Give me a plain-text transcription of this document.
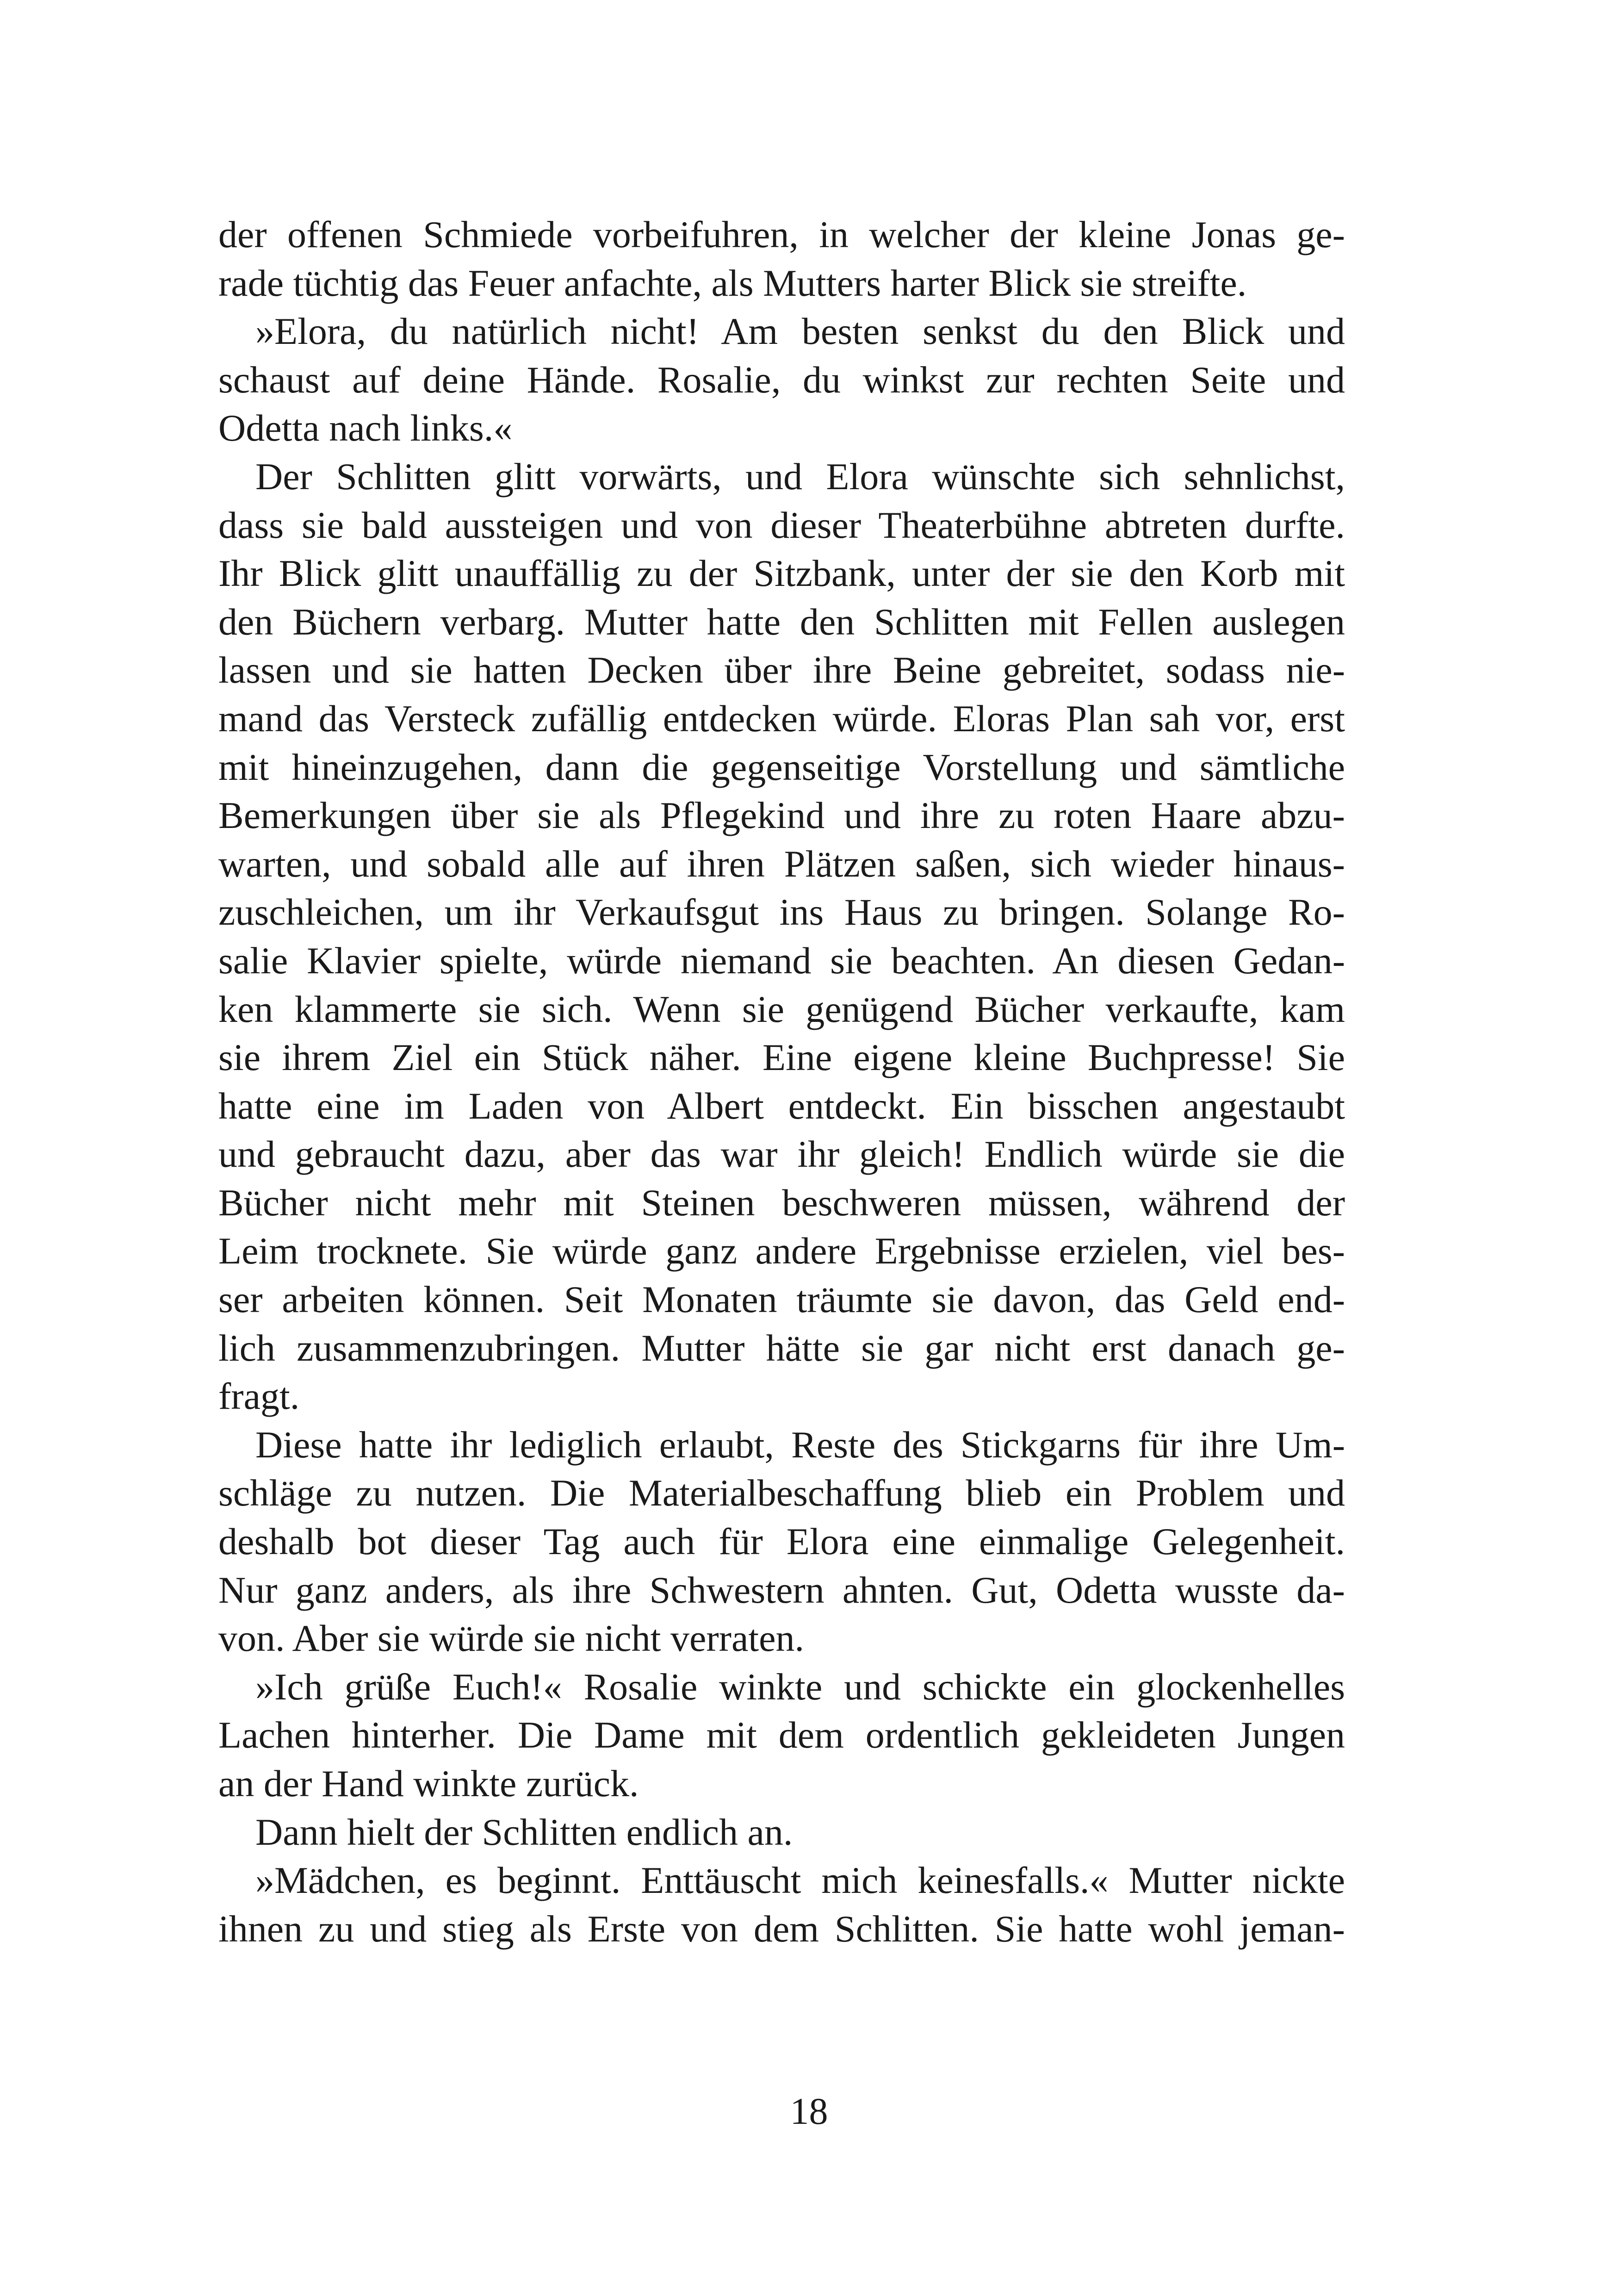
der offenen Schmiede vorbeifuhren, in welcher der kleine Jonas ge-
rade tüchtig das Feuer anfachte, als Mutters harter Blick sie streifte.
»Elora, du natürlich nicht! Am besten senkst du den Blick und
schaust auf deine Hände. Rosalie, du winkst zur rechten Seite und
Odetta nach links.«
Der Schlitten glitt vorwärts, und Elora wünschte sich sehnlichst,
dass sie bald aussteigen und von dieser Theaterbühne abtreten durfte.
Ihr Blick glitt unauffällig zu der Sitzbank, unter der sie den Korb mit
den Büchern verbarg. Mutter hatte den Schlitten mit Fellen auslegen
lassen und sie hatten Decken über ihre Beine gebreitet, sodass nie-
mand das Versteck zufällig entdecken würde. Eloras Plan sah vor, erst
mit hineinzugehen, dann die gegenseitige Vorstellung und sämtliche
Bemerkungen über sie als Pflegekind und ihre zu roten Haare abzu-
warten, und sobald alle auf ihren Plätzen saßen, sich wieder hinaus-
zuschleichen, um ihr Verkaufsgut ins Haus zu bringen. Solange Ro-
salie Klavier spielte, würde niemand sie beachten. An diesen Gedan-
ken klammerte sie sich. Wenn sie genügend Bücher verkaufte, kam
sie ihrem Ziel ein Stück näher. Eine eigene kleine Buchpresse! Sie
hatte eine im Laden von Albert entdeckt. Ein bisschen angestaubt
und gebraucht dazu, aber das war ihr gleich! Endlich würde sie die
Bücher nicht mehr mit Steinen beschweren müssen, während der
Leim trocknete. Sie würde ganz andere Ergebnisse erzielen, viel bes-
ser arbeiten können. Seit Monaten träumte sie davon, das Geld end-
lich zusammenzubringen. Mutter hätte sie gar nicht erst danach ge-
fragt.
Diese hatte ihr lediglich erlaubt, Reste des Stickgarns für ihre Um-
schläge zu nutzen. Die Materialbeschaffung blieb ein Problem und
deshalb bot dieser Tag auch für Elora eine einmalige Gelegenheit.
Nur ganz anders, als ihre Schwestern ahnten. Gut, Odetta wusste da-
von. Aber sie würde sie nicht verraten.
»Ich grüße Euch!« Rosalie winkte und schickte ein glockenhelles
Lachen hinterher. Die Dame mit dem ordentlich gekleideten Jungen
an der Hand winkte zurück.
Dann hielt der Schlitten endlich an.
»Mädchen, es beginnt. Enttäuscht mich keinesfalls.« Mutter nickte
ihnen zu und stieg als Erste von dem Schlitten. Sie hatte wohl jeman-
18
